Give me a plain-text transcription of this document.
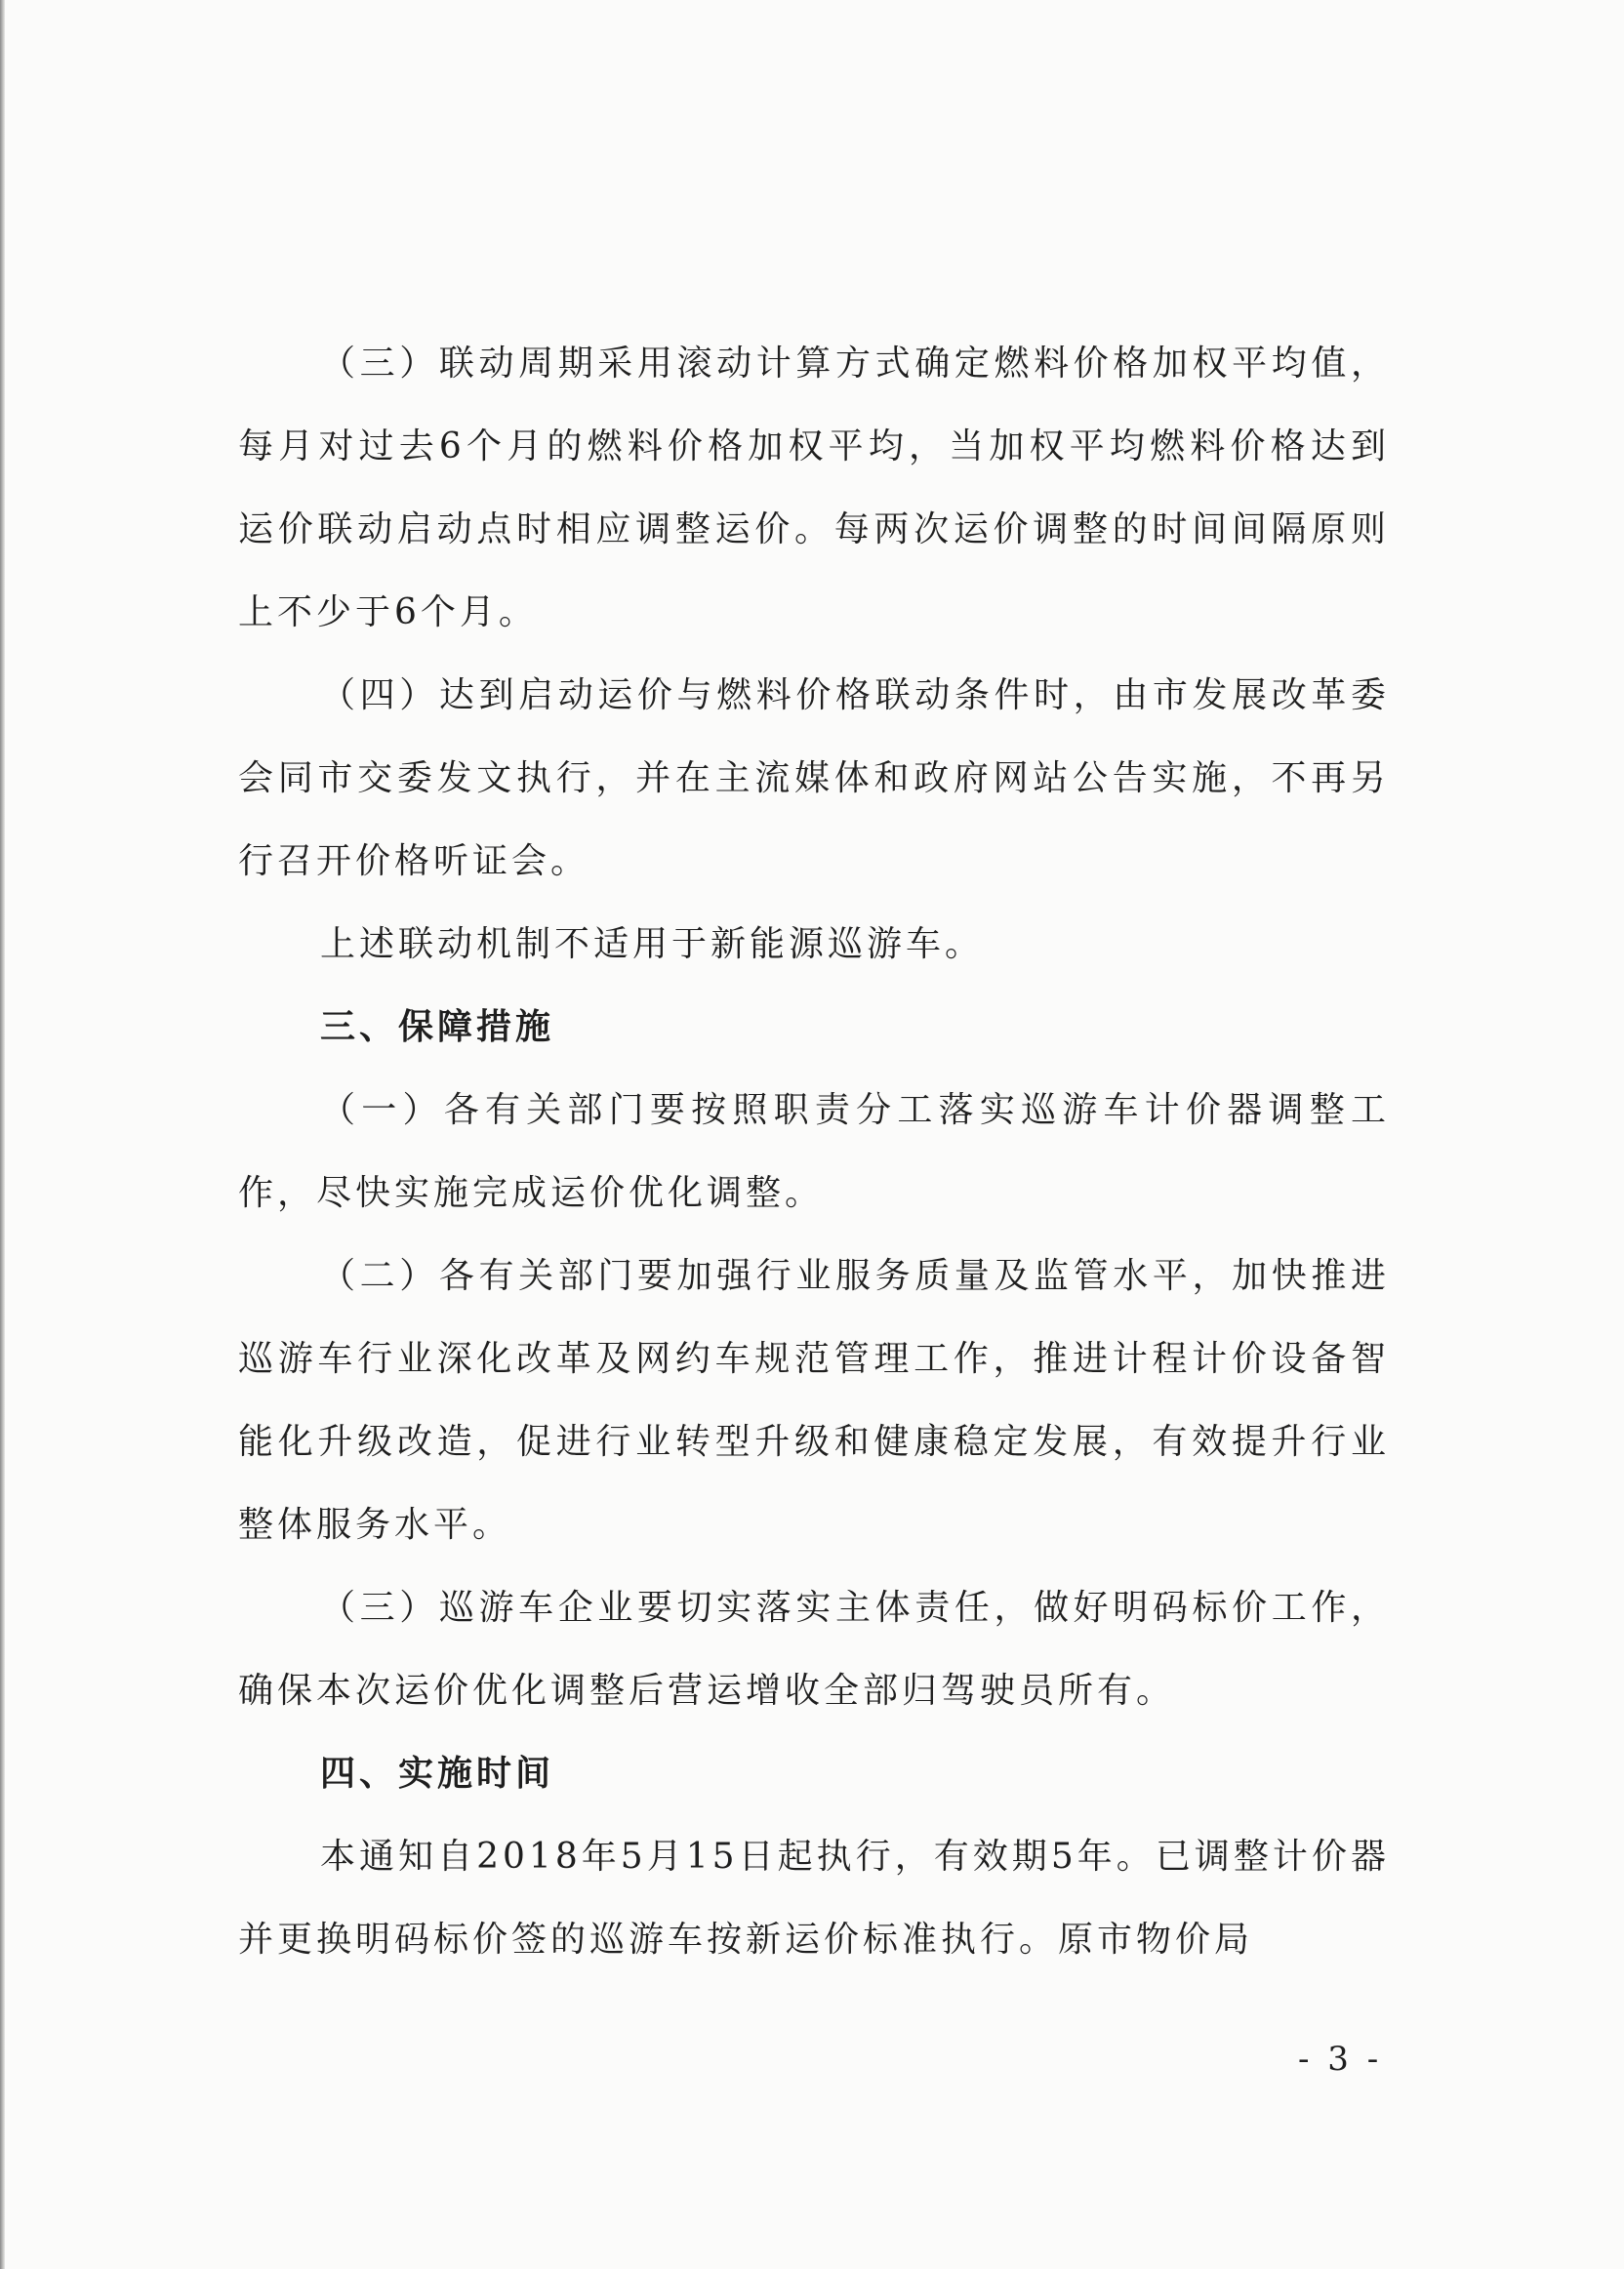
（三）联动周期采用滚动计算方式确定燃料价格加权平均值，每月对过去6个月的燃料价格加权平均，当加权平均燃料价格达到运价联动启动点时相应调整运价。每两次运价调整的时间间隔原则上不少于6个月。

（四）达到启动运价与燃料价格联动条件时，由市发展改革委会同市交委发文执行，并在主流媒体和政府网站公告实施，不再另行召开价格听证会。

上述联动机制不适用于新能源巡游车。

三、保障措施

（一）各有关部门要按照职责分工落实巡游车计价器调整工作，尽快实施完成运价优化调整。

（二）各有关部门要加强行业服务质量及监管水平，加快推进巡游车行业深化改革及网约车规范管理工作，推进计程计价设备智能化升级改造，促进行业转型升级和健康稳定发展，有效提升行业整体服务水平。

（三）巡游车企业要切实落实主体责任，做好明码标价工作，确保本次运价优化调整后营运增收全部归驾驶员所有。

四、实施时间

本通知自2018年5月15日起执行，有效期5年。已调整计价器并更换明码标价签的巡游车按新运价标准执行。原市物价局

- 3 -
